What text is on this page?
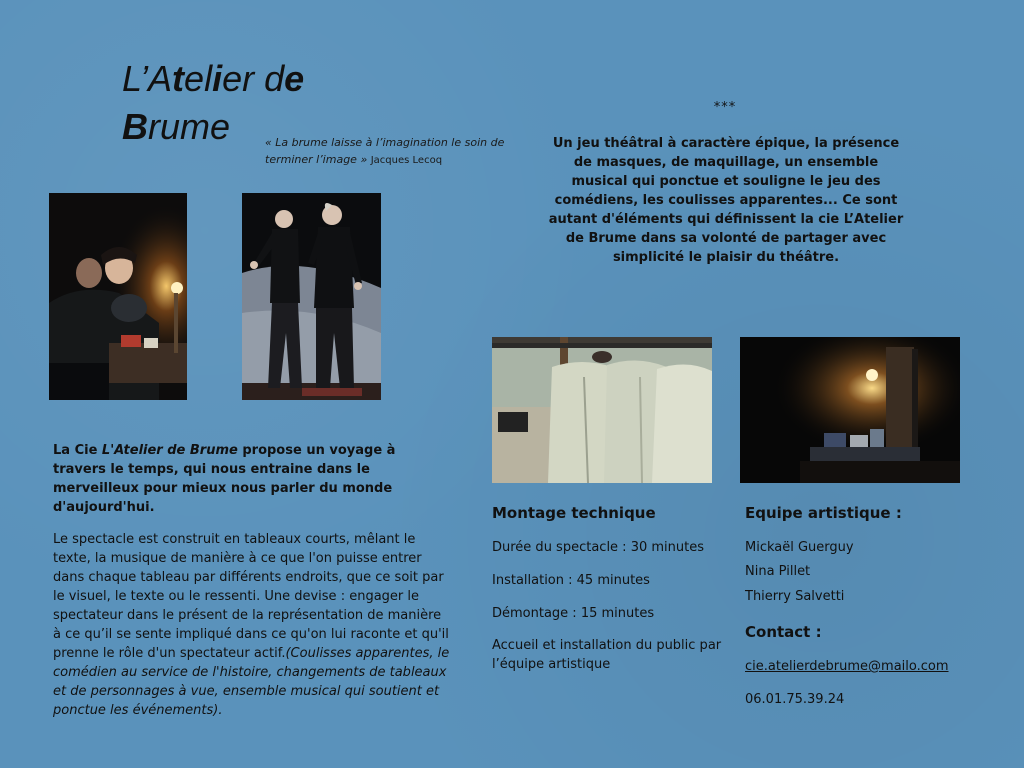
L’Atelier de
Brume	« La brume laisse à l’imagination le soin de terminer l’image » Jacques Lecoq
***
Un jeu théâtral à caractère épique, la présence de masques, de maquillage, un ensemble musical qui ponctue et souligne le jeu des comédiens, les coulisses apparentes... Ce sont autant d'éléments qui définissent la cie L’Atelier de Brume dans sa volonté de partager avec simplicité le plaisir du théâtre.
La Cie L'Atelier de Brume propose un voyage à travers le temps, qui nous entraine dans le merveilleux pour mieux nous parler du monde d'aujourd'hui.
Le spectacle est construit en tableaux courts, mêlant le texte, la musique de manière à ce que l'on puisse entrer dans chaque tableau par différents endroits, que ce soit par le visuel, le texte ou le ressenti. Une devise : engager le spectateur dans le présent de la représentation de manière à ce qu’il se sente impliqué dans ce qu'on lui raconte et qu'il prenne le rôle d'un spectateur actif.(Coulisses apparentes, le comédien au service de l'histoire, changements de tableaux et de personnages à vue, ensemble musical qui soutient et ponctue les événements).
Montage technique
Durée du spectacle : 30 minutes
Installation : 45 minutes
Démontage : 15 minutes
Accueil et installation du public par l’équipe artistique
Equipe artistique :
Mickaël Guerguy
Nina Pillet
Thierry Salvetti
Contact :
cie.atelierdebrume@mailo.com
06.01.75.39.24
